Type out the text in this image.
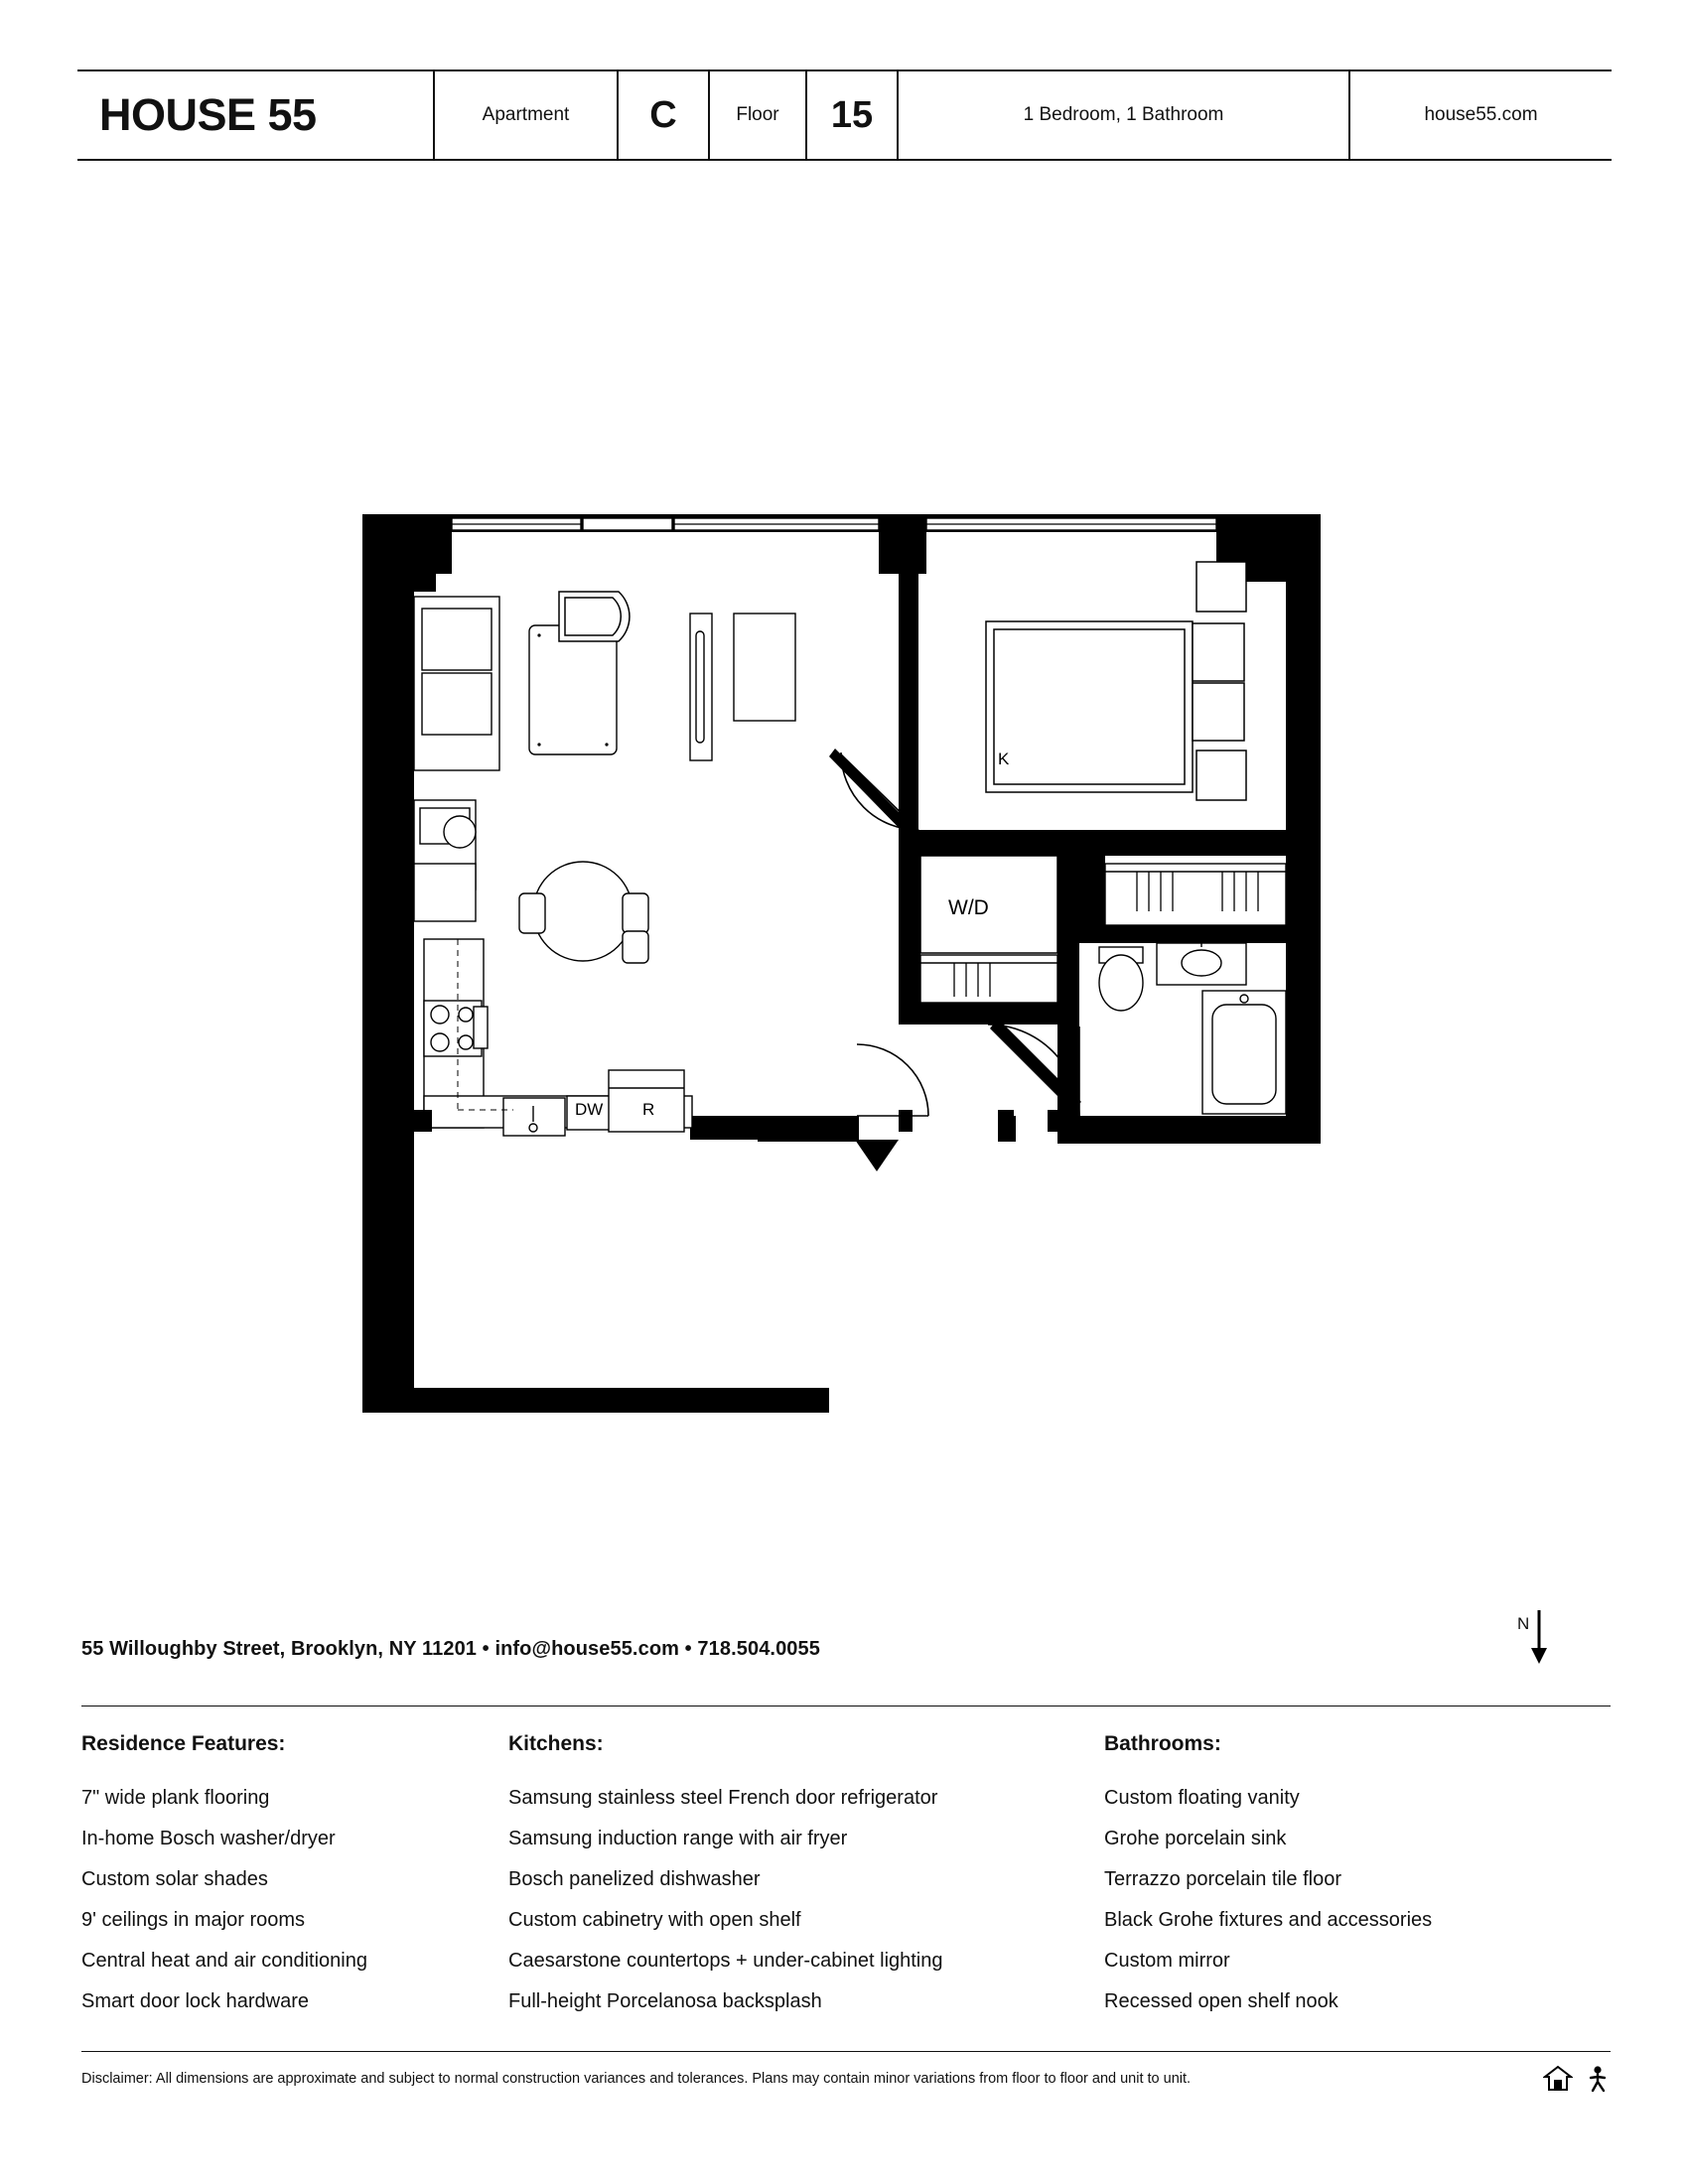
HOUSE 55	Apartment	C	Floor	15	1 Bedroom, 1 Bathroom	house55.com
DW R
K
W/D
55 Willoughby Street, Brooklyn, NY 11201 • info@house55.com • 718.504.0055
N
Residence Features:
7" wide plank flooring
In-home Bosch washer/dryer
Custom solar shades
9' ceilings in major rooms
Central heat and air conditioning
Smart door lock hardware
Kitchens:
Samsung stainless steel French door refrigerator
Samsung induction range with air fryer
Bosch panelized dishwasher
Custom cabinetry with open shelf
Caesarstone countertops + under-cabinet lighting
Full-height Porcelanosa backsplash
Bathrooms:
Custom floating vanity
Grohe porcelain sink
Terrazzo porcelain tile floor
Black Grohe fixtures and accessories
Custom mirror
Recessed open shelf nook
Disclaimer: All dimensions are approximate and subject to normal construction variances and tolerances. Plans may contain minor variations from floor to floor and unit to unit.
